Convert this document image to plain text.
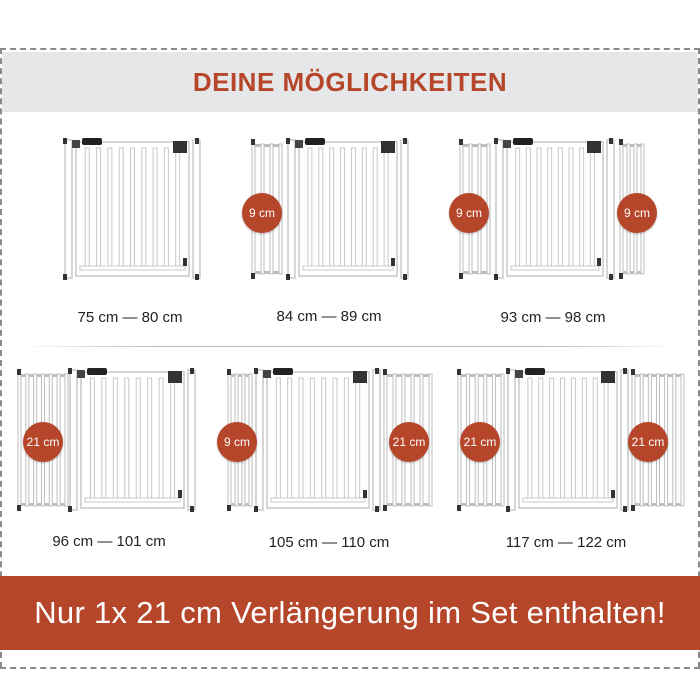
DEINE MÖGLICHKEITEN
75 cm — 80 cm
9 cm
84 cm — 89 cm
9 cm	9 cm
93 cm — 98 cm
21 cm
96 cm — 101 cm
9 cm	21 cm
105 cm — 110 cm
21 cm	21 cm
117 cm — 122 cm
Nur 1x 21 cm Verlängerung im Set enthalten!
